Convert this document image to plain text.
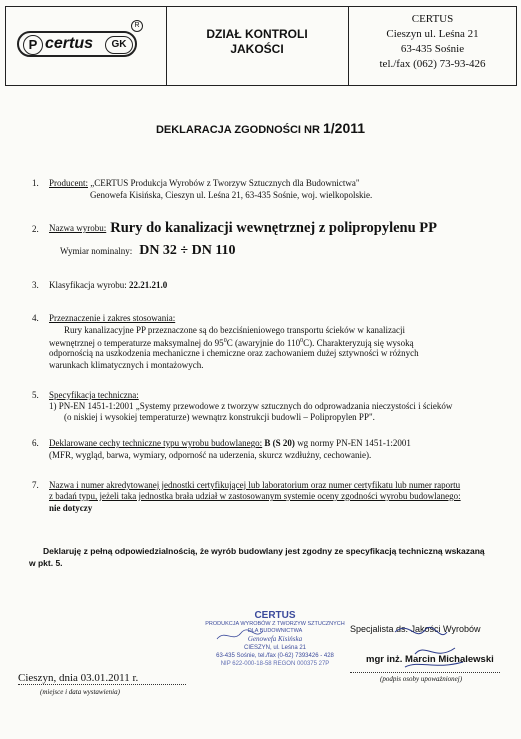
P certus	GK
R
DZIAŁ KONTROLI
JAKOŚCI
CERTUS
Cieszyn ul. Leśna 21
63-435 Sośnie
tel./fax (062) 73-93-426
DEKLARACJA ZGODNOŚCI NR 1/2011
1. Producent: „CERTUS Produkcja Wyrobów z Tworzyw Sztucznych dla Budownictwa"
Genowefa Kisińska, Cieszyn ul. Leśna 21, 63-435 Sośnie, woj. wielkopolskie.
2. Nazwa wyrobu: Rury do kanalizacji wewnętrznej z polipropylenu PP
Wymiar nominalny: DN 32 ÷ DN 110
3. Klasyfikacja wyrobu: 22.21.21.0
4. Przeznaczenie i zakres stosowania:
Rury kanalizacyjne PP przeznaczone są do bezciśnieniowego transportu ścieków w kanalizacji
wewnętrznej o temperaturze maksymalnej do $95^0C$ (awaryjnie do $110^0C$). Charakteryzują się wysoką
odpornością na uszkodzenia mechaniczne i chemiczne oraz zachowaniem dużej sztywności w różnych
warunkach klimatycznych i montażowych.
5. Specyfikacja techniczna:
1) PN-EN 1451-1:2001 „Systemy przewodowe z tworzyw sztucznych do odprowadzania nieczystości i ścieków
(o niskiej i wysokiej temperaturze) wewnątrz konstrukcji budowli – Polipropylen PP".
6. Deklarowane cechy techniczne typu wyrobu budowlanego: B (S 20) wg normy PN-EN 1451-1:2001
(MFR, wygląd, barwa, wymiary, odporność na uderzenia, skurcz wzdłużny, cechowanie).
7. Nazwa i numer akredytowanej jednostki certyfikującej lub laboratorium oraz numer certyfikatu lub numer raportu
z badań typu, jeżeli taka jednostka brała udział w zastosowanym systemie oceny zgodności wyrobu budowlanego:
nie dotyczy
Deklaruję z pełną odpowiedzialnością, że wyrób budowlany jest zgodny ze specyfikacją techniczną wskazaną
w pkt. 5.
CERTUS
PRODUKCJA WYROBÓW Z TWORZYW SZTUCZNYCH
DLA BUDOWNICTWA
Genowefa Kisińska
CIESZYN, ul. Leśna 21
63-435 Sośnie, tel./fax (0-62) 7393426 - 428
NIP 622-000-18-58 REGON 000375 27P
Specjalista ds. Jakości Wyrobów
mgr inż. Marcin Michalewski
(podpis osoby upoważnionej)
Cieszyn, dnia 03.01.2011 r.
(miejsce i data wystawienia)
